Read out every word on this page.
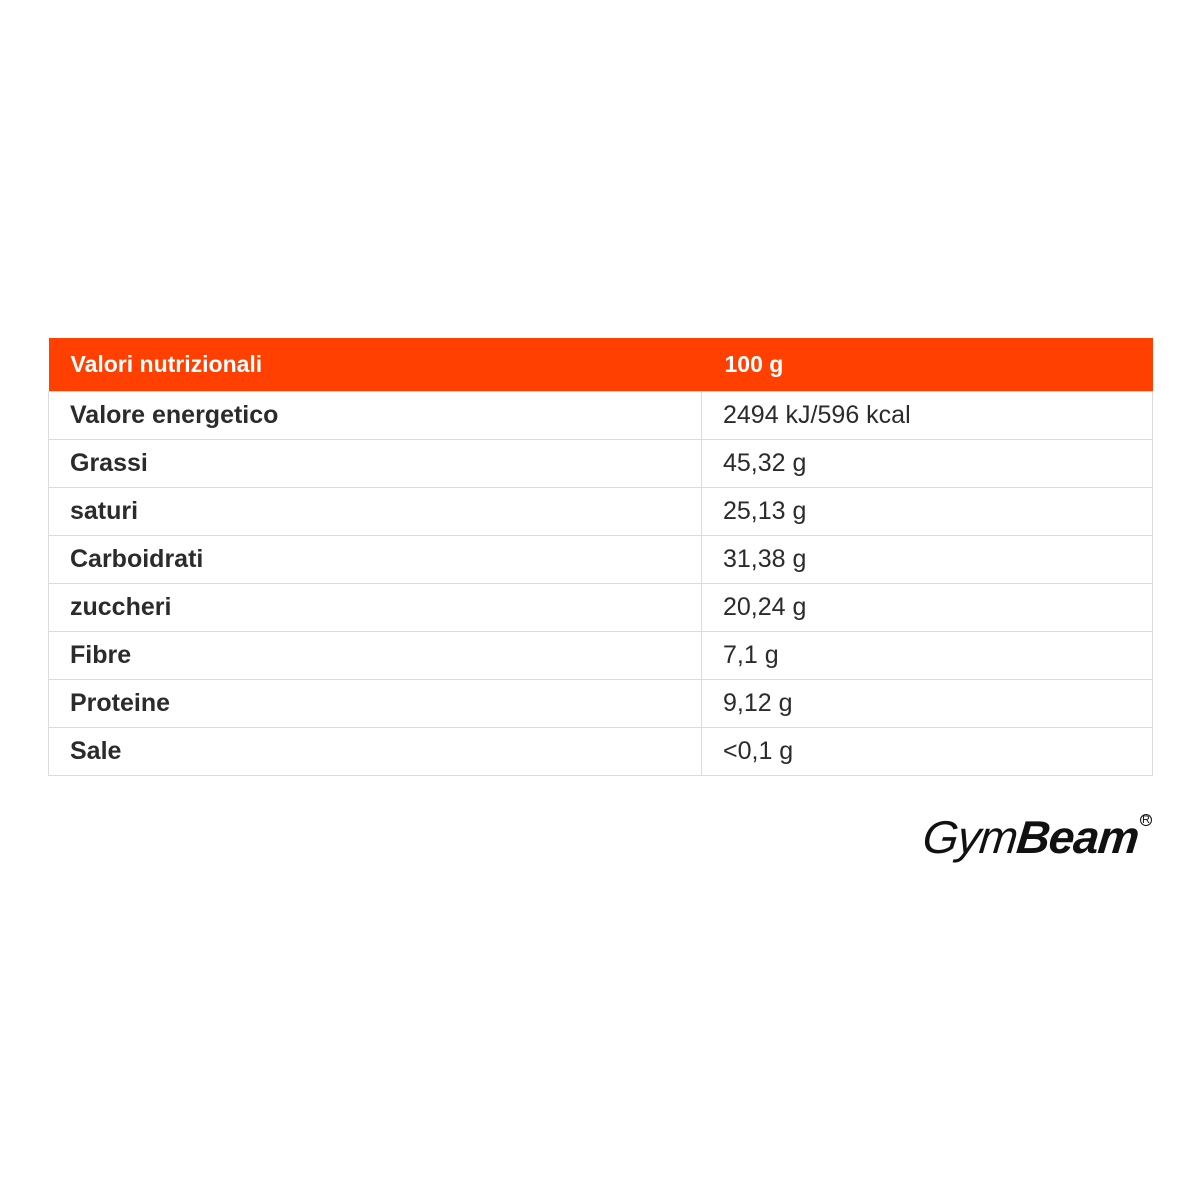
Valori nutrizionali	100 g
Valore energetico	2494 kJ/596 kcal
Grassi	45,32 g
saturi	25,13 g
Carboidrati	31,38 g
zuccheri	20,24 g
Fibre	7,1 g
Proteine	9,12 g
Sale	<0,1 g
Gym
Beam R
